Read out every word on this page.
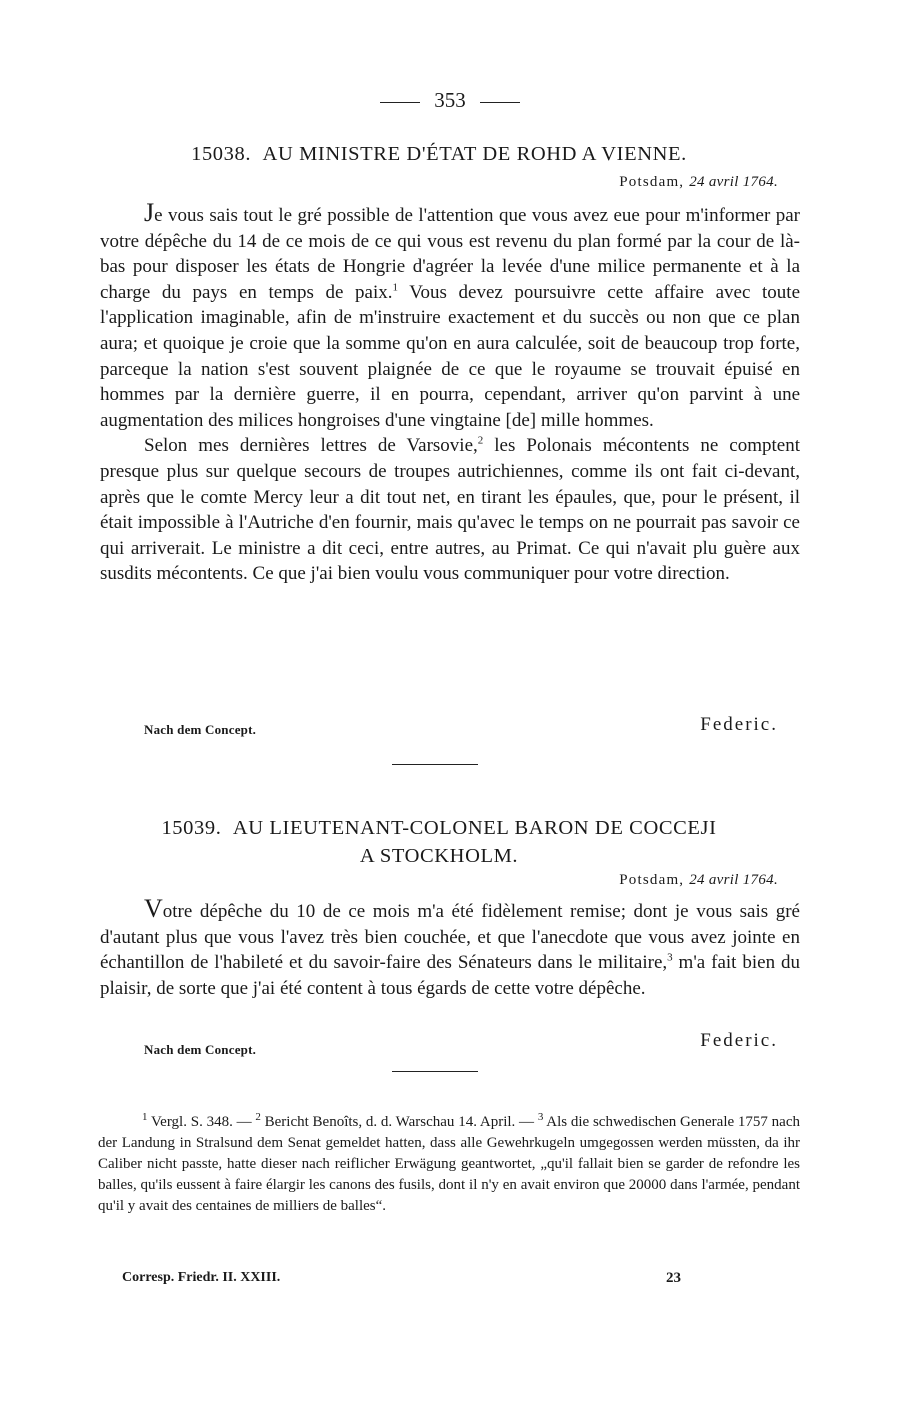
353
15038. AU MINISTRE D'ÉTAT DE ROHD A VIENNE.
Potsdam, 24 avril 1764.

Je vous sais tout le gré possible de l'attention que vous avez eue pour m'informer par votre dépêche du 14 de ce mois de ce qui vous est revenu du plan formé par la cour de là-bas pour disposer les états de Hongrie d'agréer la levée d'une milice permanente et à la charge du pays en temps de paix.$^1$ Vous devez poursuivre cette affaire avec toute l'application imaginable, afin de m'instruire exactement et du succès ou non que ce plan aura; et quoique je croie que la somme qu'on en aura calculée, soit de beaucoup trop forte, parceque la nation s'est souvent plaignée de ce que le royaume se trouvait épuisé en hommes par la dernière guerre, il en pourra, cependant, arriver qu'on parvint à une augmentation des milices hongroises d'une vingtaine [de] mille hommes.

Selon mes dernières lettres de Varsovie,$^2$ les Polonais mécontents ne comptent presque plus sur quelque secours de troupes autrichiennes, comme ils ont fait ci-devant, après que le comte Mercy leur a dit tout net, en tirant les épaules, que, pour le présent, il était impossible à l'Autriche d'en fournir, mais qu'avec le temps on ne pourrait pas savoir ce qui arriverait. Le ministre a dit ceci, entre autres, au Primat. Ce qui n'avait plu guère aux susdits mécontents. Ce que j'ai bien voulu vous communiquer pour votre direction.

Nach dem Concept.	Federic.
15039. AU LIEUTENANT-COLONEL BARON DE COCCEJI
A STOCKHOLM.
Potsdam, 24 avril 1764.

Votre dépêche du 10 de ce mois m'a été fidèlement remise; dont je vous sais gré d'autant plus que vous l'avez très bien couchée, et que l'anecdote que vous avez jointe en échantillon de l'habileté et du savoir-faire des Sénateurs dans le militaire,$^3$ m'a fait bien du plaisir, de sorte que j'ai été content à tous égards de cette votre dépêche.

Nach dem Concept.	Federic.

$^1$ Vergl. S. 348. — $^2$ Bericht Benoîts, d. d. Warschau 14. April. — $^3$ Als die schwedischen Generale 1757 nach der Landung in Stralsund dem Senat gemeldet hatten, dass alle Gewehrkugeln umgegossen werden müssten, da ihr Caliber nicht passte, hatte dieser nach reiflicher Erwägung geantwortet, „qu'il fallait bien se garder de refondre les balles, qu'ils eussent à faire élargir les canons des fusils, dont il n'y en avait environ que 20000 dans l'armée, pendant qu'il y avait des centaines de milliers de balles“.

Corresp. Friedr. II. XXIII.	23
